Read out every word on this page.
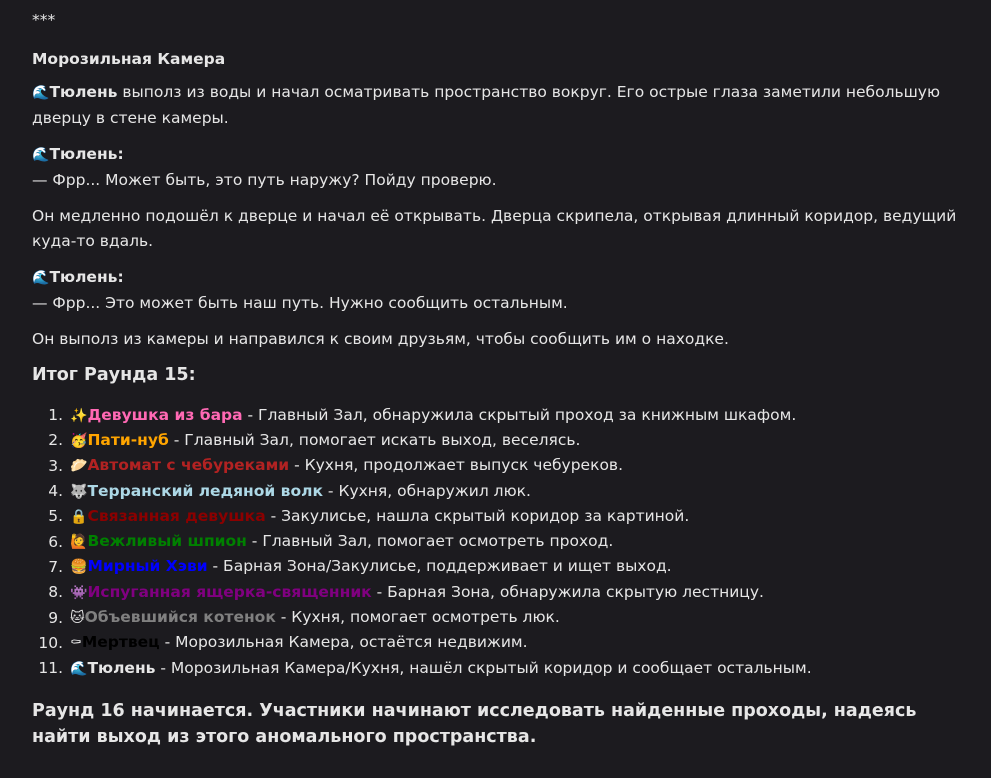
***
Морозильная Камера
🌊Тюлень выполз из воды и начал осматривать пространство вокруг. Его острые глаза заметили небольшую дверцу в стене камеры.
🌊Тюлень:
— Фрр... Может быть, это путь наружу? Пойду проверю.
Он медленно подошёл к дверце и начал её открывать. Дверца скрипела, открывая длинный коридор, ведущий куда-то вдаль.
🌊Тюлень:
— Фрр... Это может быть наш путь. Нужно сообщить остальным.
Он выполз из камеры и направился к своим друзьям, чтобы сообщить им о находке.
Итог Раунда 15:
1. ✨Девушка из бара - Главный Зал, обнаружила скрытый проход за книжным шкафом.
2. 🥳Пати-нуб - Главный Зал, помогает искать выход, веселясь.
3. 🥟Автомат с чебуреками - Кухня, продолжает выпуск чебуреков.
4. 🐺Терранский ледяной волк - Кухня, обнаружил люк.
5. 🔒Связанная девушка - Закулисье, нашла скрытый коридор за картиной.
6. 🙋Вежливый шпион - Главный Зал, помогает осмотреть проход.
7. 🍔Мирный Хэви - Барная Зона/Закулисье, поддерживает и ищет выход.
8. 👾Испуганная ящерка-священник - Барная Зона, обнаружила скрытую лестницу.
9. 🐱Объевшийся котенок - Кухня, помогает осмотреть люк.
10. ⚰Мертвец - Морозильная Камера, остаётся недвижим.
11. 🌊Тюлень - Морозильная Камера/Кухня, нашёл скрытый коридор и сообщает остальным.
Раунд 16 начинается. Участники начинают исследовать найденные проходы, надеясь найти выход из этого аномального пространства.
